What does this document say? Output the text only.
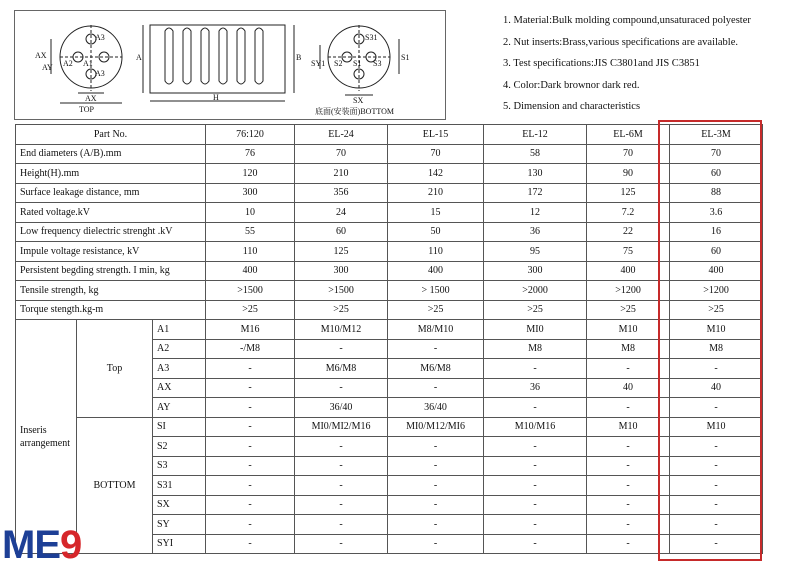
AX
AY
A3
A2 A1
A3
AX
TOP
A	B
H
S31
SY1 S2 S1 S3
S1
SX
底面(安装面)BOTTOM
1. Material:Bulk molding compound,unsaturaced polyester
2. Nut inserts:Brass,various specifications are available.
3. Test specifications:JIS C3801and JIS C3851
4. Color:Dark brownor dark red.
5. Dimension and characteristics
Part No.			76:120	EL-24	EL-15	EL-12	EL-6M	EL-3M
End diameters (A/B).mm			76	70	70	58	70	70
Height(H).mm			120	210	142	130	90	60
Surface leakage distance, mm			300	356	210	172	125	88
Rated voltage.kV			10	24	15	12	7.2	3.6
Low frequency dielectric strenght .kV			55	60	50	36	22	16
Impule voltage resistance, kV			110	125	110	95	75	60
Persistent begding strength. I min, kg			400	300	400	300	400	400
Tensile strength, kg			>1500	>1500	> 1500	>2000	>1200	>1200
Torque stength.kg-m			>25	>25	>25	>25	>25	>25
Inseris arrangement	Top	A1	M16	M10/M12	M8/M10	MI0	M10	M10
		A2	-/M8	-	-	M8	M8	M8
		A3	-	M6/M8	M6/M8	-	-	-
		AX	-	-	-	36	40	40
		AY	-	36/40	36/40	-	-	-
	BOTTOM	SI	-	MI0/MI2/M16	MI0/M12/MI6	M10/M16	M10	M10
		S2	-	-	-	-	-	-
		S3	-	-	-	-	-	-
		S31	-	-	-	-	-	-
		SX	-	-	-	-	-	-
		SY	-	-	-	-	-	-
		SYI	-	-	-	-	-	-
ME9
